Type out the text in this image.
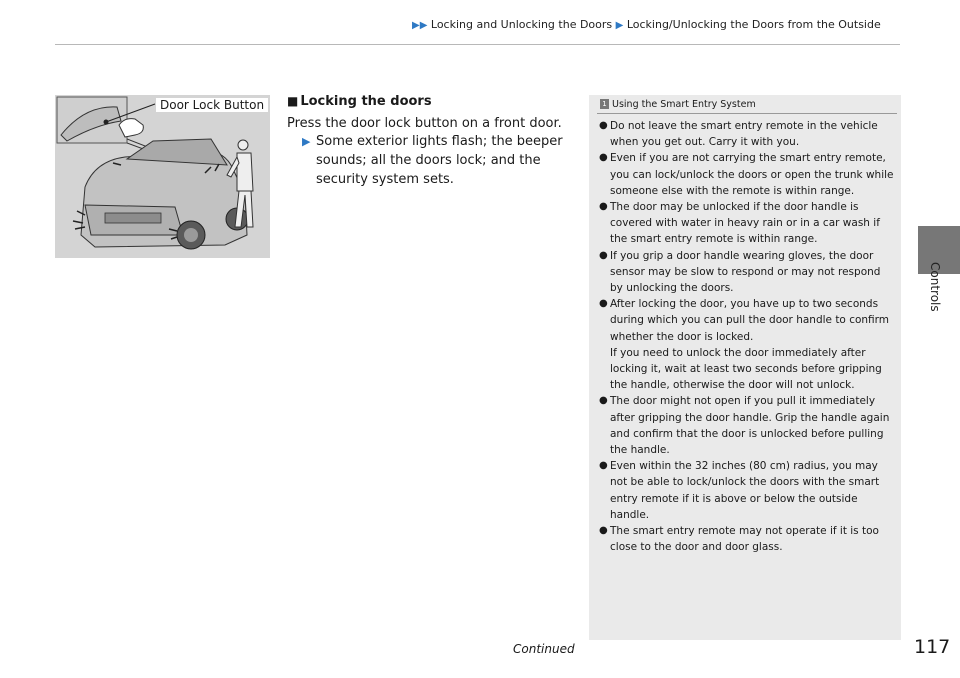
▶▶ Locking and Unlocking the Doors ▶ Locking/Unlocking the Doors from the Outside
Controls
Door Lock Button	■ Locking the doors
Press the door lock button on a front door.
▶ Some exterior lights flash; the beeper sounds; all the doors lock; and the security system sets.
1 Using the Smart Entry System
● Do not leave the smart entry remote in the vehicle when you get out. Carry it with you.
● Even if you are not carrying the smart entry remote, you can lock/unlock the doors or open the trunk while someone else with the remote is within range.
● The door may be unlocked if the door handle is covered with water in heavy rain or in a car wash if the smart entry remote is within range.
● If you grip a door handle wearing gloves, the door sensor may be slow to respond or may not respond by unlocking the doors.
● After locking the door, you have up to two seconds during which you can pull the door handle to confirm whether the door is locked.
If you need to unlock the door immediately after locking it, wait at least two seconds before gripping the handle, otherwise the door will not unlock.
● The door might not open if you pull it immediately after gripping the door handle. Grip the handle again and confirm that the door is unlocked before pulling the handle.
● Even within the 32 inches (80 cm) radius, you may not be able to lock/unlock the doors with the smart entry remote if it is above or below the outside handle.
● The smart entry remote may not operate if it is too close to the door and door glass.
Continued	117
